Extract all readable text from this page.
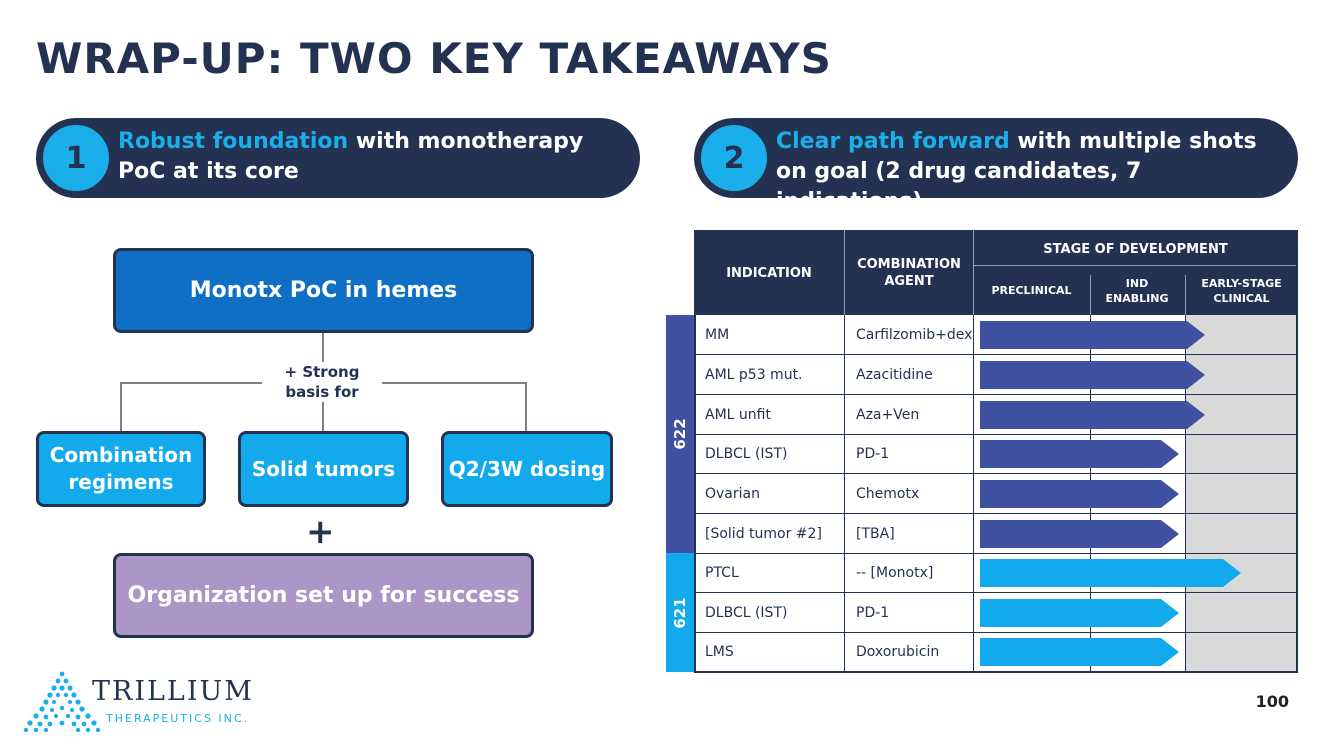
WRAP-UP: TWO KEY TAKEAWAYS
1	Robust foundation with monotherapy PoC at its core	2	Clear path forward with multiple shots on goal (2 drug candidates, 7 indications)
Monotx PoC in hemes
+ Strong basis for
Combination regimens
Solid tumors	Q2/3W dosing
+
Organization set up for success
INDICATION
COMBINATION AGENT
STAGE OF DEVELOPMENT
PRECLINICAL
IND ENABLING
EARLY-STAGE CLINICAL
622
621
MM	Carfilzomib+dex
AML p53 mut.	Azacitidine
AML unfit	Aza+Ven
DLBCL (IST)	PD-1
Ovarian	Chemotx
[Solid tumor #2]	[TBA]
PTCL	-- [Monotx]
DLBCL (IST)	PD-1
LMS	Doxorubicin
TRILLIUM
THERAPEUTICS INC.
100
